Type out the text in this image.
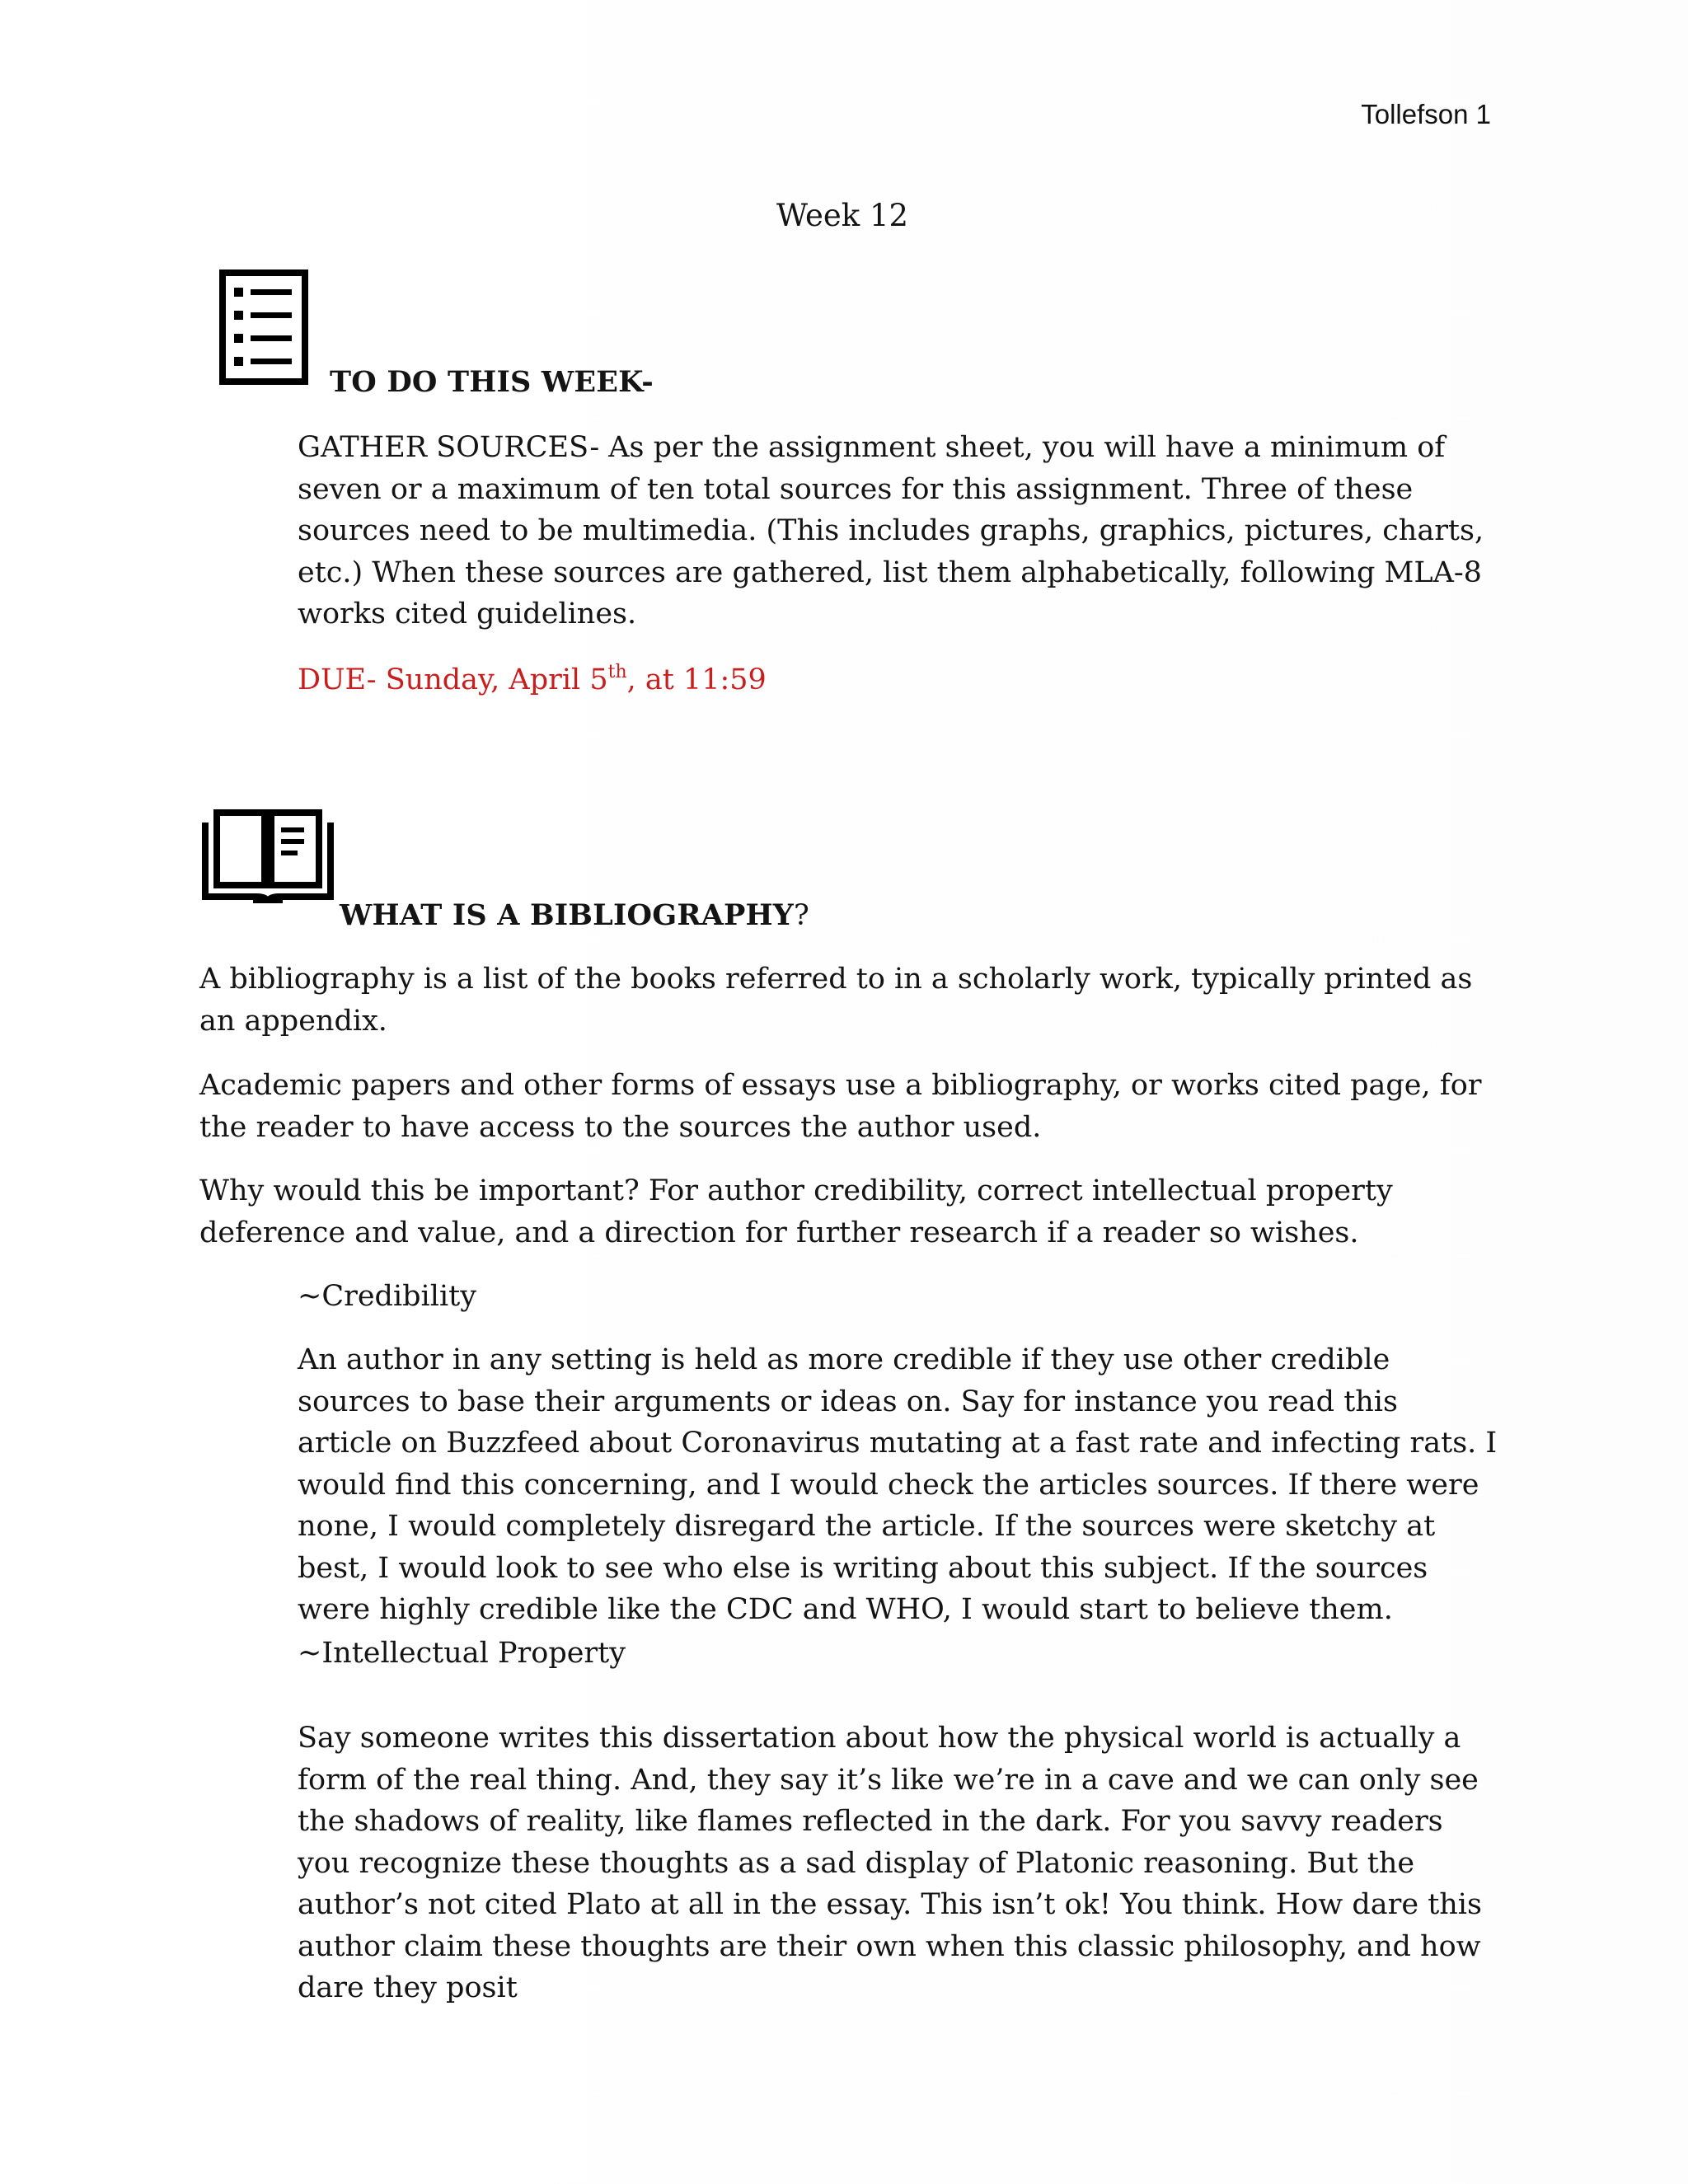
Tollefson 1
Week 12
TO DO THIS WEEK-

GATHER SOURCES- As per the assignment sheet, you will have a minimum of seven or a maximum of ten total sources for this assignment. Three of these sources need to be multimedia. (This includes graphs, graphics, pictures, charts, etc.) When these sources are gathered, list them alphabetically, following MLA-8 works cited guidelines.

DUE- Sunday, April 5th, at 11:59

WHAT IS A BIBLIOGRAPHY?

A bibliography is a list of the books referred to in a scholarly work, typically printed as an appendix.

Academic papers and other forms of essays use a bibliography, or works cited page, for the reader to have access to the sources the author used.

Why would this be important? For author credibility, correct intellectual property deference and value, and a direction for further research if a reader so wishes.

~Credibility

An author in any setting is held as more credible if they use other credible sources to base their arguments or ideas on. Say for instance you read this article on Buzzfeed about Coronavirus mutating at a fast rate and infecting rats. I would find this concerning, and I would check the articles sources. If there were none, I would completely disregard the article. If the sources were sketchy at best, I would look to see who else is writing about this subject. If the sources were highly credible like the CDC and WHO, I would start to believe them.

~Intellectual Property

Say someone writes this dissertation about how the physical world is actually a form of the real thing. And, they say it’s like we’re in a cave and we can only see the shadows of reality, like flames reflected in the dark. For you savvy readers you recognize these thoughts as a sad display of Platonic reasoning. But the author’s not cited Plato at all in the essay. This isn’t ok! You think. How dare this author claim these thoughts are their own when this classic philosophy, and how dare they posit
